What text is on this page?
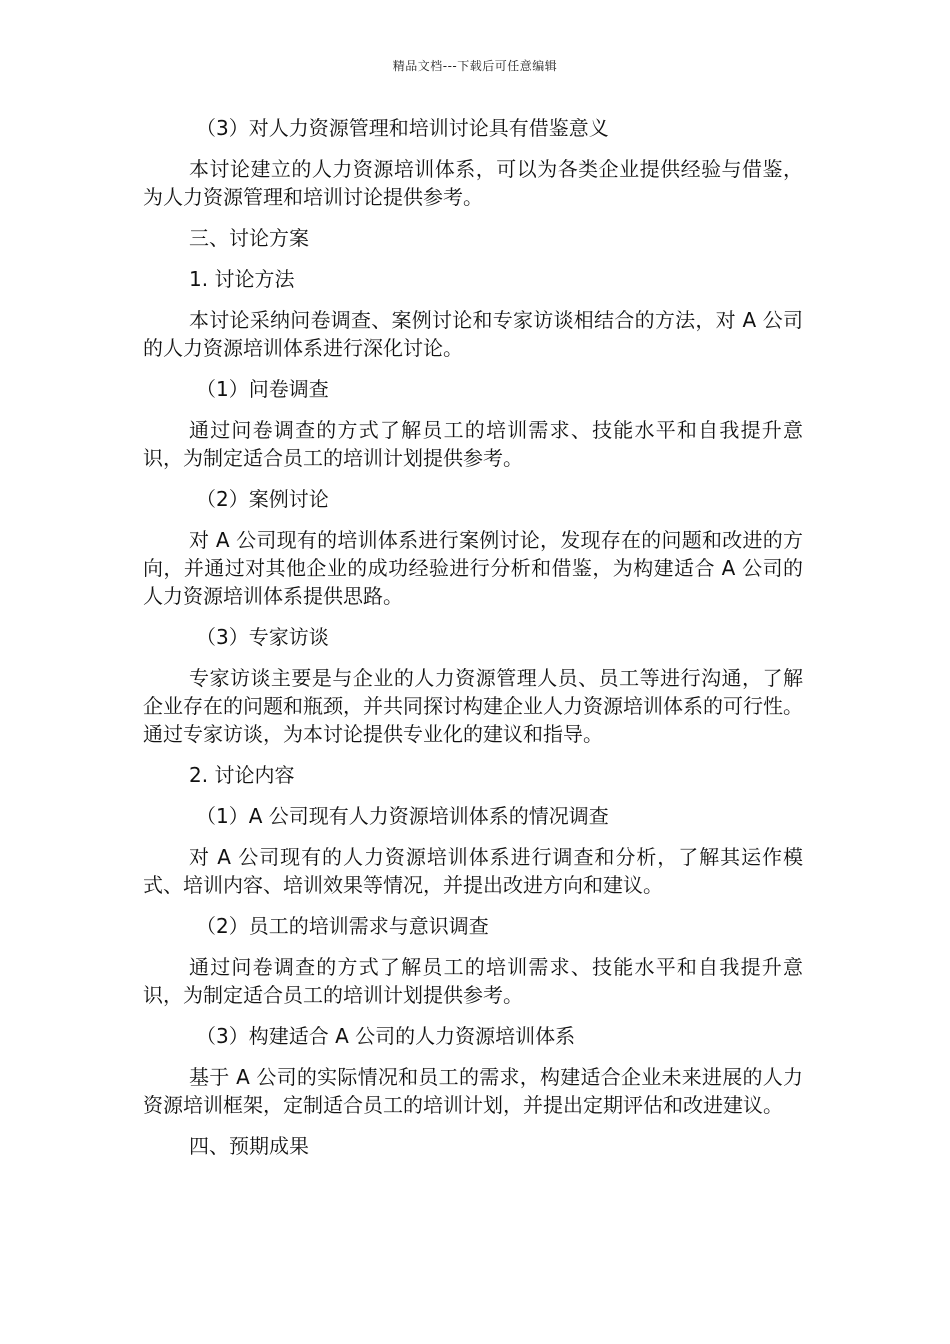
精品文档---下载后可任意编辑

（3）对人力资源管理和培训讨论具有借鉴意义

本讨论建立的人力资源培训体系，可以为各类企业提供经验与借鉴，为人力资源管理和培训讨论提供参考。

三、讨论方案

1. 讨论方法

本讨论采纳问卷调查、案例讨论和专家访谈相结合的方法，对 A 公司的人力资源培训体系进行深化讨论。

（1）问卷调查

通过问卷调查的方式了解员工的培训需求、技能水平和自我提升意识，为制定适合员工的培训计划提供参考。

（2）案例讨论

对 A 公司现有的培训体系进行案例讨论，发现存在的问题和改进的方向，并通过对其他企业的成功经验进行分析和借鉴，为构建适合 A 公司的人力资源培训体系提供思路。

（3）专家访谈

专家访谈主要是与企业的人力资源管理人员、员工等进行沟通，了解企业存在的问题和瓶颈，并共同探讨构建企业人力资源培训体系的可行性。通过专家访谈，为本讨论提供专业化的建议和指导。

2. 讨论内容

（1）A 公司现有人力资源培训体系的情况调查

对 A 公司现有的人力资源培训体系进行调查和分析，了解其运作模式、培训内容、培训效果等情况，并提出改进方向和建议。

（2）员工的培训需求与意识调查

通过问卷调查的方式了解员工的培训需求、技能水平和自我提升意识，为制定适合员工的培训计划提供参考。

（3）构建适合 A 公司的人力资源培训体系

基于 A 公司的实际情况和员工的需求，构建适合企业未来进展的人力资源培训框架，定制适合员工的培训计划，并提出定期评估和改进建议。

四、预期成果
